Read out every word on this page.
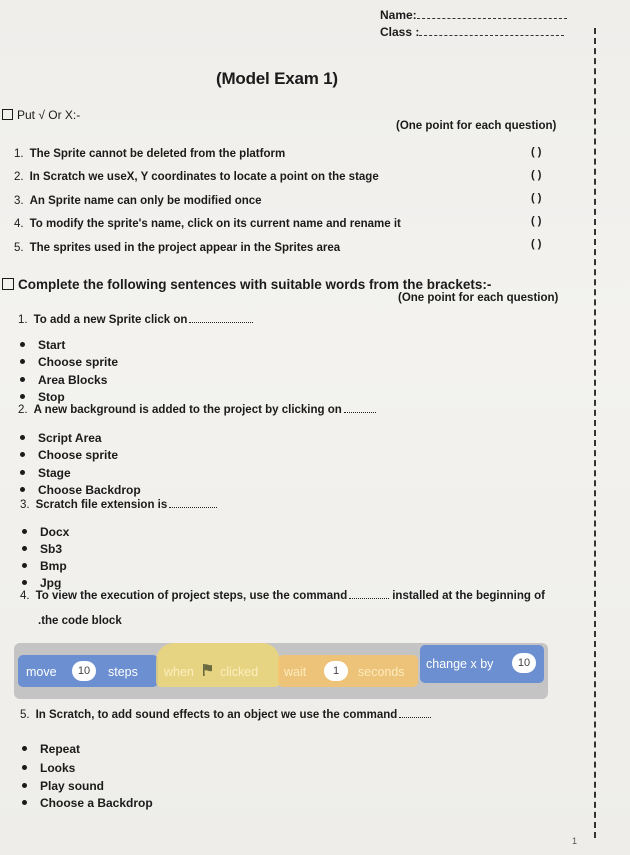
Name:
Class :
(Model Exam 1)
Put √ Or X:-
(One point for each question)
1. The Sprite cannot be deleted from the platform	( )
2. In Scratch we useX, Y coordinates to locate a point on the stage	( )
3. An Sprite name can only be modified once	( )
4. To modify the sprite's name, click on its current name and rename it	( )
5. The sprites used in the project appear in the Sprites area	( )
Complete the following sentences with suitable words from the brackets:-
(One point for each question)
1. To add a new Sprite click on
Start
Choose sprite
Area Blocks
Stop
2. A new background is added to the project by clicking on
Script Area
Choose sprite
Stage
Choose Backdrop
3. Scratch file extension is
Docx
Sb3
Bmp
Jpg
4. To view the execution of project steps, use the command	installed at the beginning of
.the code block
move	10	steps when clicked wait	1	seconds
change x by	10
5. In Scratch, to add sound effects to an object we use the command
Repeat
Looks
Play sound
Choose a Backdrop
1
